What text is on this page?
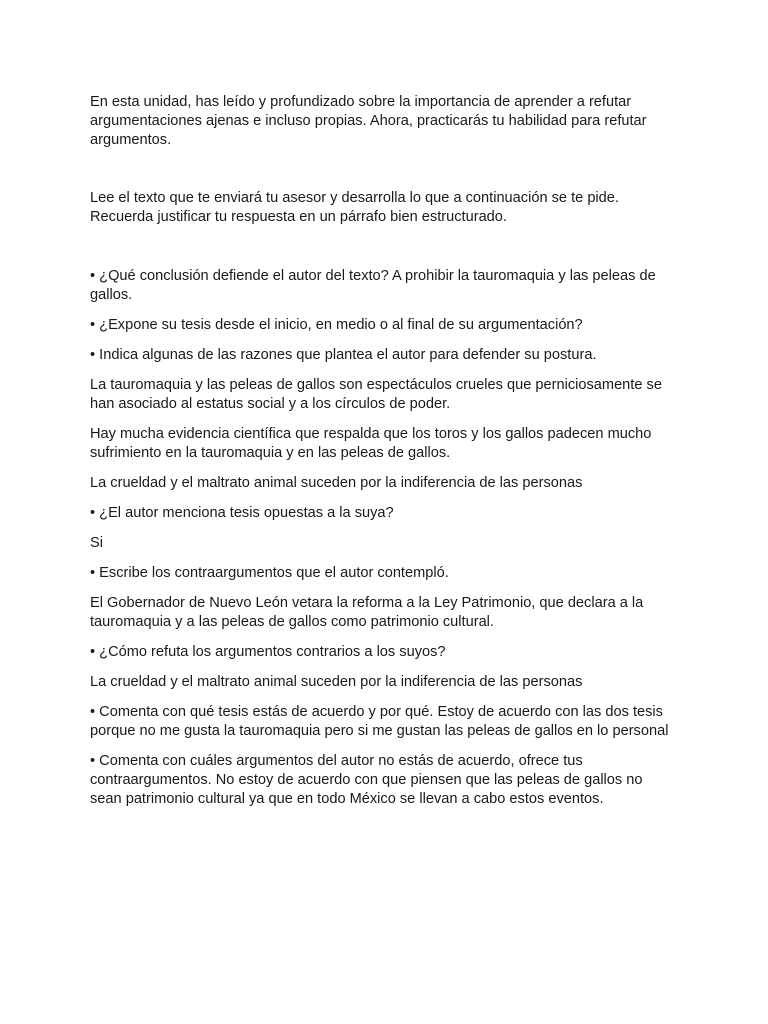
En esta unidad, has leído y profundizado sobre la importancia de aprender a refutar argumentaciones ajenas e incluso propias. Ahora, practicarás tu habilidad para refutar argumentos.

Lee el texto que te enviará tu asesor y desarrolla lo que a continuación se te pide. Recuerda justificar tu respuesta en un párrafo bien estructurado.

• ¿Qué conclusión defiende el autor del texto? A prohibir la tauromaquia y las peleas de gallos.

• ¿Expone su tesis desde el inicio, en medio o al final de su argumentación?

• Indica algunas de las razones que plantea el autor para defender su postura.

La tauromaquia y las peleas de gallos son espectáculos crueles que perniciosamente se han asociado al estatus social y a los círculos de poder.

Hay mucha evidencia científica que respalda que los toros y los gallos padecen mucho sufrimiento en la tauromaquia y en las peleas de gallos.

La crueldad y el maltrato animal suceden por la indiferencia de las personas

• ¿El autor menciona tesis opuestas a la suya?

Si

• Escribe los contraargumentos que el autor contempló.

El Gobernador de Nuevo León vetara la reforma a la Ley Patrimonio, que declara a la tauromaquia y a las peleas de gallos como patrimonio cultural.

• ¿Cómo refuta los argumentos contrarios a los suyos?

La crueldad y el maltrato animal suceden por la indiferencia de las personas

• Comenta con qué tesis estás de acuerdo y por qué. Estoy de acuerdo con las dos tesis porque no me gusta la tauromaquia pero si me gustan las peleas de gallos en lo personal

• Comenta con cuáles argumentos del autor no estás de acuerdo, ofrece tus contraargumentos. No estoy de acuerdo con que piensen que las peleas de gallos no sean patrimonio cultural ya que en todo México se llevan a cabo estos eventos.
